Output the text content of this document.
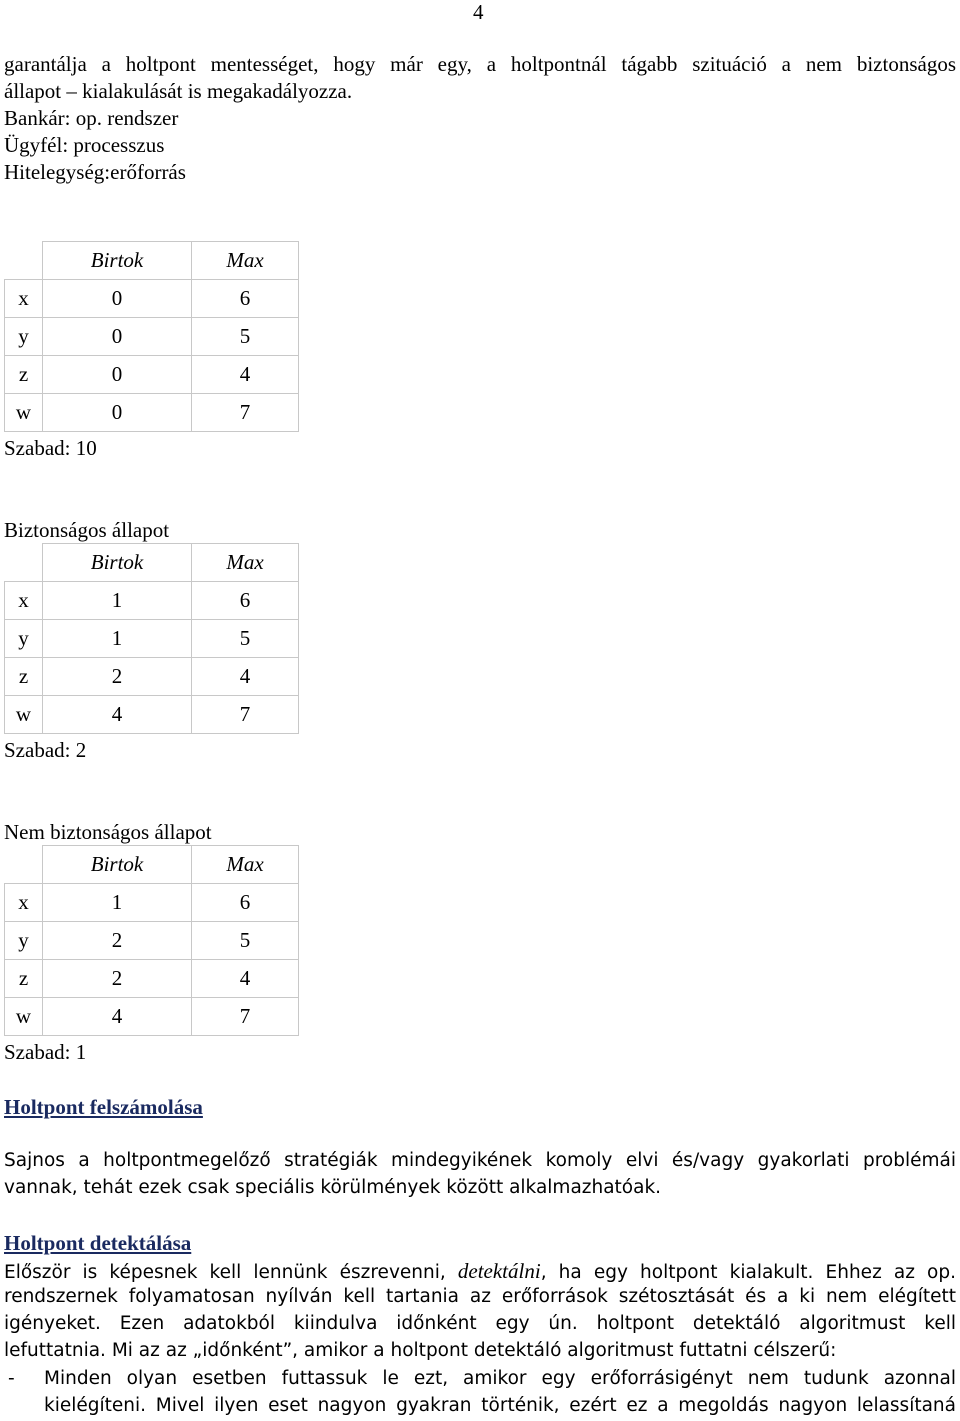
4
garantálja a holtpont mentességet, hogy már egy, a holtpontnál tágabb szituáció a nem biztonságos
állapot – kialakulását is megakadályozza.
Bankár: op. rendszer
Ügyfél: processzus
Hitelegység:erőforrás
	Birtok	Max
x	0	6
y	0	5
z	0	4
w	0	7
Szabad: 10
Biztonságos állapot
	Birtok	Max
x	1	6
y	1	5
z	2	4
w	4	7
Szabad: 2
Nem biztonságos állapot
	Birtok	Max
x	1	6
y	2	5
z	2	4
w	4	7
Szabad: 1
Holtpont felszámolása
Sajnos a holtpontmegelőző stratégiák mindegyikének komoly elvi és/vagy gyakorlati problémái
vannak, tehát ezek csak speciális körülmények között alkalmazhatóak.
Holtpont detektálása
Először is képesnek kell lennünk észrevenni, detektálni, ha egy holtpont kialakult. Ehhez az op.
rendszernek folyamatosan nyílván kell tartania az erőforrások szétosztását és a ki nem elégített
igényeket. Ezen adatokból kiindulva időnként egy ún. holtpont detektáló algoritmust kell
lefuttatnia. Mi az az „időnként”, amikor a holtpont detektáló algoritmust futtatni célszerű:
- Minden olyan esetben futtassuk le ezt, amikor egy erőforrásigényt nem tudunk azonnal
kielégíteni. Mivel ilyen eset nagyon gyakran történik, ezért ez a megoldás nagyon lelassítaná
